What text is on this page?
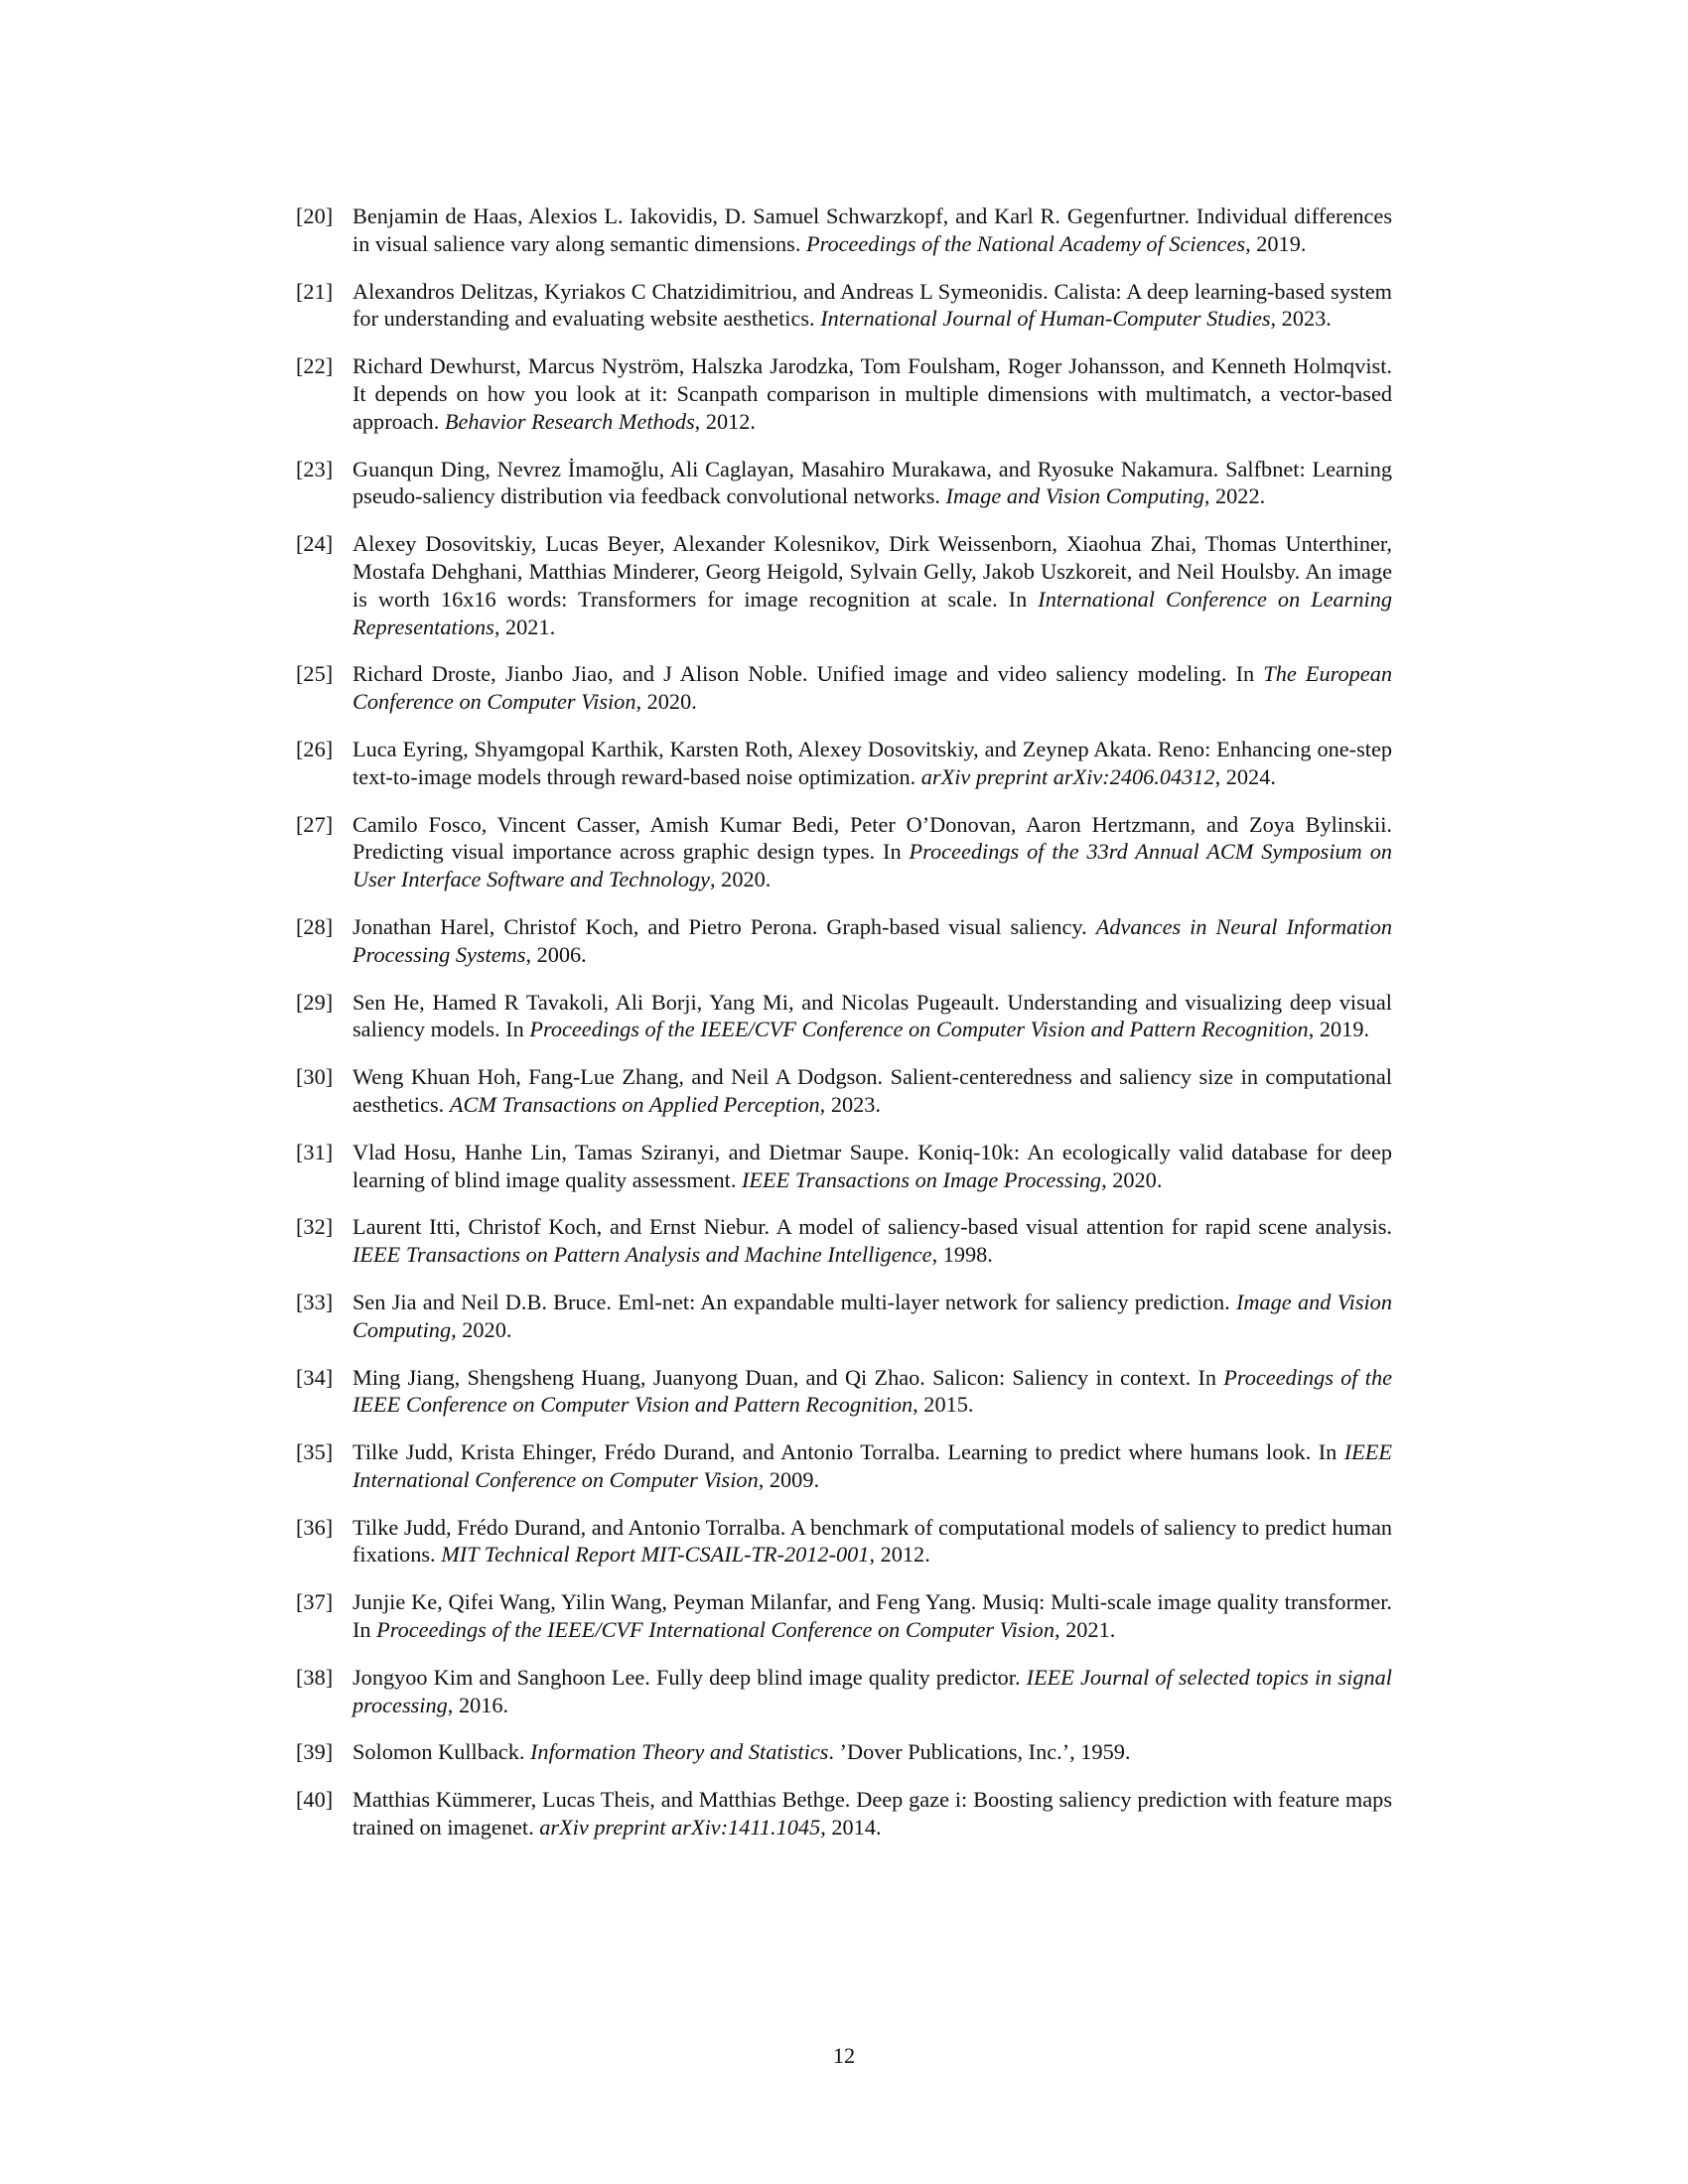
[20] Benjamin de Haas, Alexios L. Iakovidis, D. Samuel Schwarzkopf, and Karl R. Gegenfurtner. Individual differences in visual salience vary along semantic dimensions. Proceedings of the National Academy of Sciences, 2019.
[21] Alexandros Delitzas, Kyriakos C Chatzidimitriou, and Andreas L Symeonidis. Calista: A deep learning-based system for understanding and evaluating website aesthetics. International Journal of Human-Computer Studies, 2023.
[22] Richard Dewhurst, Marcus Nyström, Halszka Jarodzka, Tom Foulsham, Roger Johansson, and Kenneth Holmqvist. It depends on how you look at it: Scanpath comparison in multiple dimensions with multimatch, a vector-based approach. Behavior Research Methods, 2012.
[23] Guanqun Ding, Nevrez İmamoğlu, Ali Caglayan, Masahiro Murakawa, and Ryosuke Nakamura. Salfbnet: Learning pseudo-saliency distribution via feedback convolutional networks. Image and Vision Computing, 2022.
[24] Alexey Dosovitskiy, Lucas Beyer, Alexander Kolesnikov, Dirk Weissenborn, Xiaohua Zhai, Thomas Unterthiner, Mostafa Dehghani, Matthias Minderer, Georg Heigold, Sylvain Gelly, Jakob Uszkoreit, and Neil Houlsby. An image is worth 16x16 words: Transformers for image recognition at scale. In International Conference on Learning Representations, 2021.
[25] Richard Droste, Jianbo Jiao, and J Alison Noble. Unified image and video saliency modeling. In The European Conference on Computer Vision, 2020.
[26] Luca Eyring, Shyamgopal Karthik, Karsten Roth, Alexey Dosovitskiy, and Zeynep Akata. Reno: Enhancing one-step text-to-image models through reward-based noise optimization. arXiv preprint arXiv:2406.04312, 2024.
[27] Camilo Fosco, Vincent Casser, Amish Kumar Bedi, Peter O’Donovan, Aaron Hertzmann, and Zoya Bylinskii. Predicting visual importance across graphic design types. In Proceedings of the 33rd Annual ACM Symposium on User Interface Software and Technology, 2020.
[28] Jonathan Harel, Christof Koch, and Pietro Perona. Graph-based visual saliency. Advances in Neural Information Processing Systems, 2006.
[29] Sen He, Hamed R Tavakoli, Ali Borji, Yang Mi, and Nicolas Pugeault. Understanding and visualizing deep visual saliency models. In Proceedings of the IEEE/CVF Conference on Computer Vision and Pattern Recognition, 2019.
[30] Weng Khuan Hoh, Fang-Lue Zhang, and Neil A Dodgson. Salient-centeredness and saliency size in computational aesthetics. ACM Transactions on Applied Perception, 2023.
[31] Vlad Hosu, Hanhe Lin, Tamas Sziranyi, and Dietmar Saupe. Koniq-10k: An ecologically valid database for deep learning of blind image quality assessment. IEEE Transactions on Image Processing, 2020.
[32] Laurent Itti, Christof Koch, and Ernst Niebur. A model of saliency-based visual attention for rapid scene analysis. IEEE Transactions on Pattern Analysis and Machine Intelligence, 1998.
[33] Sen Jia and Neil D.B. Bruce. Eml-net: An expandable multi-layer network for saliency prediction. Image and Vision Computing, 2020.
[34] Ming Jiang, Shengsheng Huang, Juanyong Duan, and Qi Zhao. Salicon: Saliency in context. In Proceedings of the IEEE Conference on Computer Vision and Pattern Recognition, 2015.
[35] Tilke Judd, Krista Ehinger, Frédo Durand, and Antonio Torralba. Learning to predict where humans look. In IEEE International Conference on Computer Vision, 2009.
[36] Tilke Judd, Frédo Durand, and Antonio Torralba. A benchmark of computational models of saliency to predict human fixations. MIT Technical Report MIT-CSAIL-TR-2012-001, 2012.
[37] Junjie Ke, Qifei Wang, Yilin Wang, Peyman Milanfar, and Feng Yang. Musiq: Multi-scale image quality transformer. In Proceedings of the IEEE/CVF International Conference on Computer Vision, 2021.
[38] Jongyoo Kim and Sanghoon Lee. Fully deep blind image quality predictor. IEEE Journal of selected topics in signal processing, 2016.
[39] Solomon Kullback. Information Theory and Statistics. ’Dover Publications, Inc.’, 1959.
[40] Matthias Kümmerer, Lucas Theis, and Matthias Bethge. Deep gaze i: Boosting saliency prediction with feature maps trained on imagenet. arXiv preprint arXiv:1411.1045, 2014.
12
